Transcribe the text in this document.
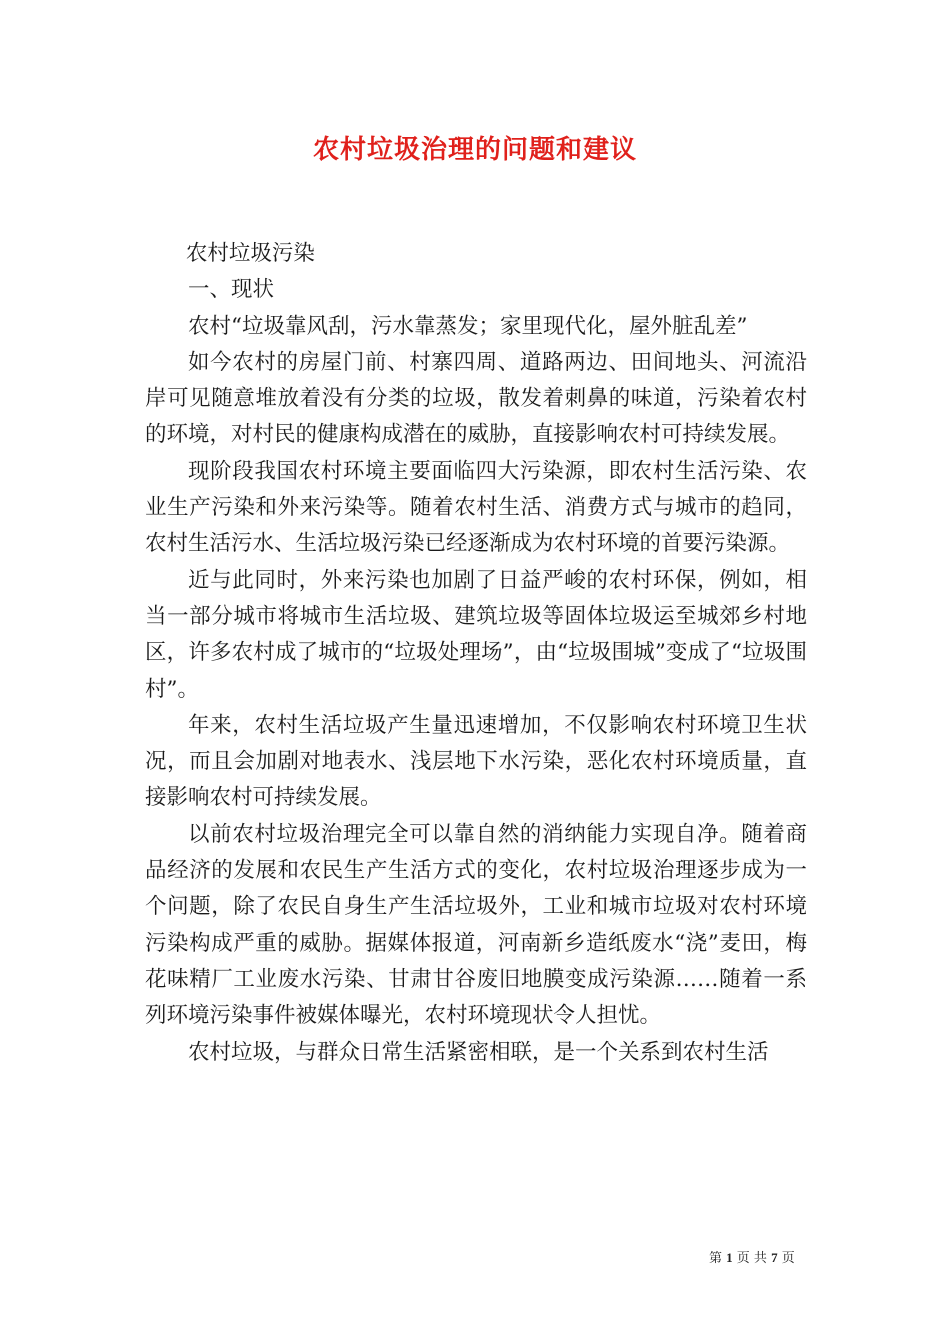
农村垃圾治理的问题和建议

农村垃圾污染

一、现状

农村“垃圾靠风刮，污水靠蒸发；家里现代化，屋外脏乱差”

如今农村的房屋门前、村寨四周、道路两边、田间地头、河流沿岸可见随意堆放着没有分类的垃圾，散发着刺鼻的味道，污染着农村的环境，对村民的健康构成潜在的威胁，直接影响农村可持续发展。

现阶段我国农村环境主要面临四大污染源，即农村生活污染、农业生产污染和外来污染等。随着农村生活、消费方式与城市的趋同，农村生活污水、生活垃圾污染已经逐渐成为农村环境的首要污染源。

近与此同时，外来污染也加剧了日益严峻的农村环保，例如，相当一部分城市将城市生活垃圾、建筑垃圾等固体垃圾运至城郊乡村地区，许多农村成了城市的“垃圾处理场”，由“垃圾围城”变成了“垃圾围村”。

年来，农村生活垃圾产生量迅速增加，不仅影响农村环境卫生状况，而且会加剧对地表水、浅层地下水污染，恶化农村环境质量，直接影响农村可持续发展。

以前农村垃圾治理完全可以靠自然的消纳能力实现自净。随着商品经济的发展和农民生产生活方式的变化，农村垃圾治理逐步成为一个问题，除了农民自身生产生活垃圾外，工业和城市垃圾对农村环境污染构成严重的威胁。据媒体报道，河南新乡造纸废水“浇”麦田，梅花味精厂工业废水污染、甘肃甘谷废旧地膜变成污染源……随着一系列环境污染事件被媒体曝光，农村环境现状令人担忧。

农村垃圾，与群众日常生活紧密相联，是一个关系到农村生活

第 1 页 共 7 页
